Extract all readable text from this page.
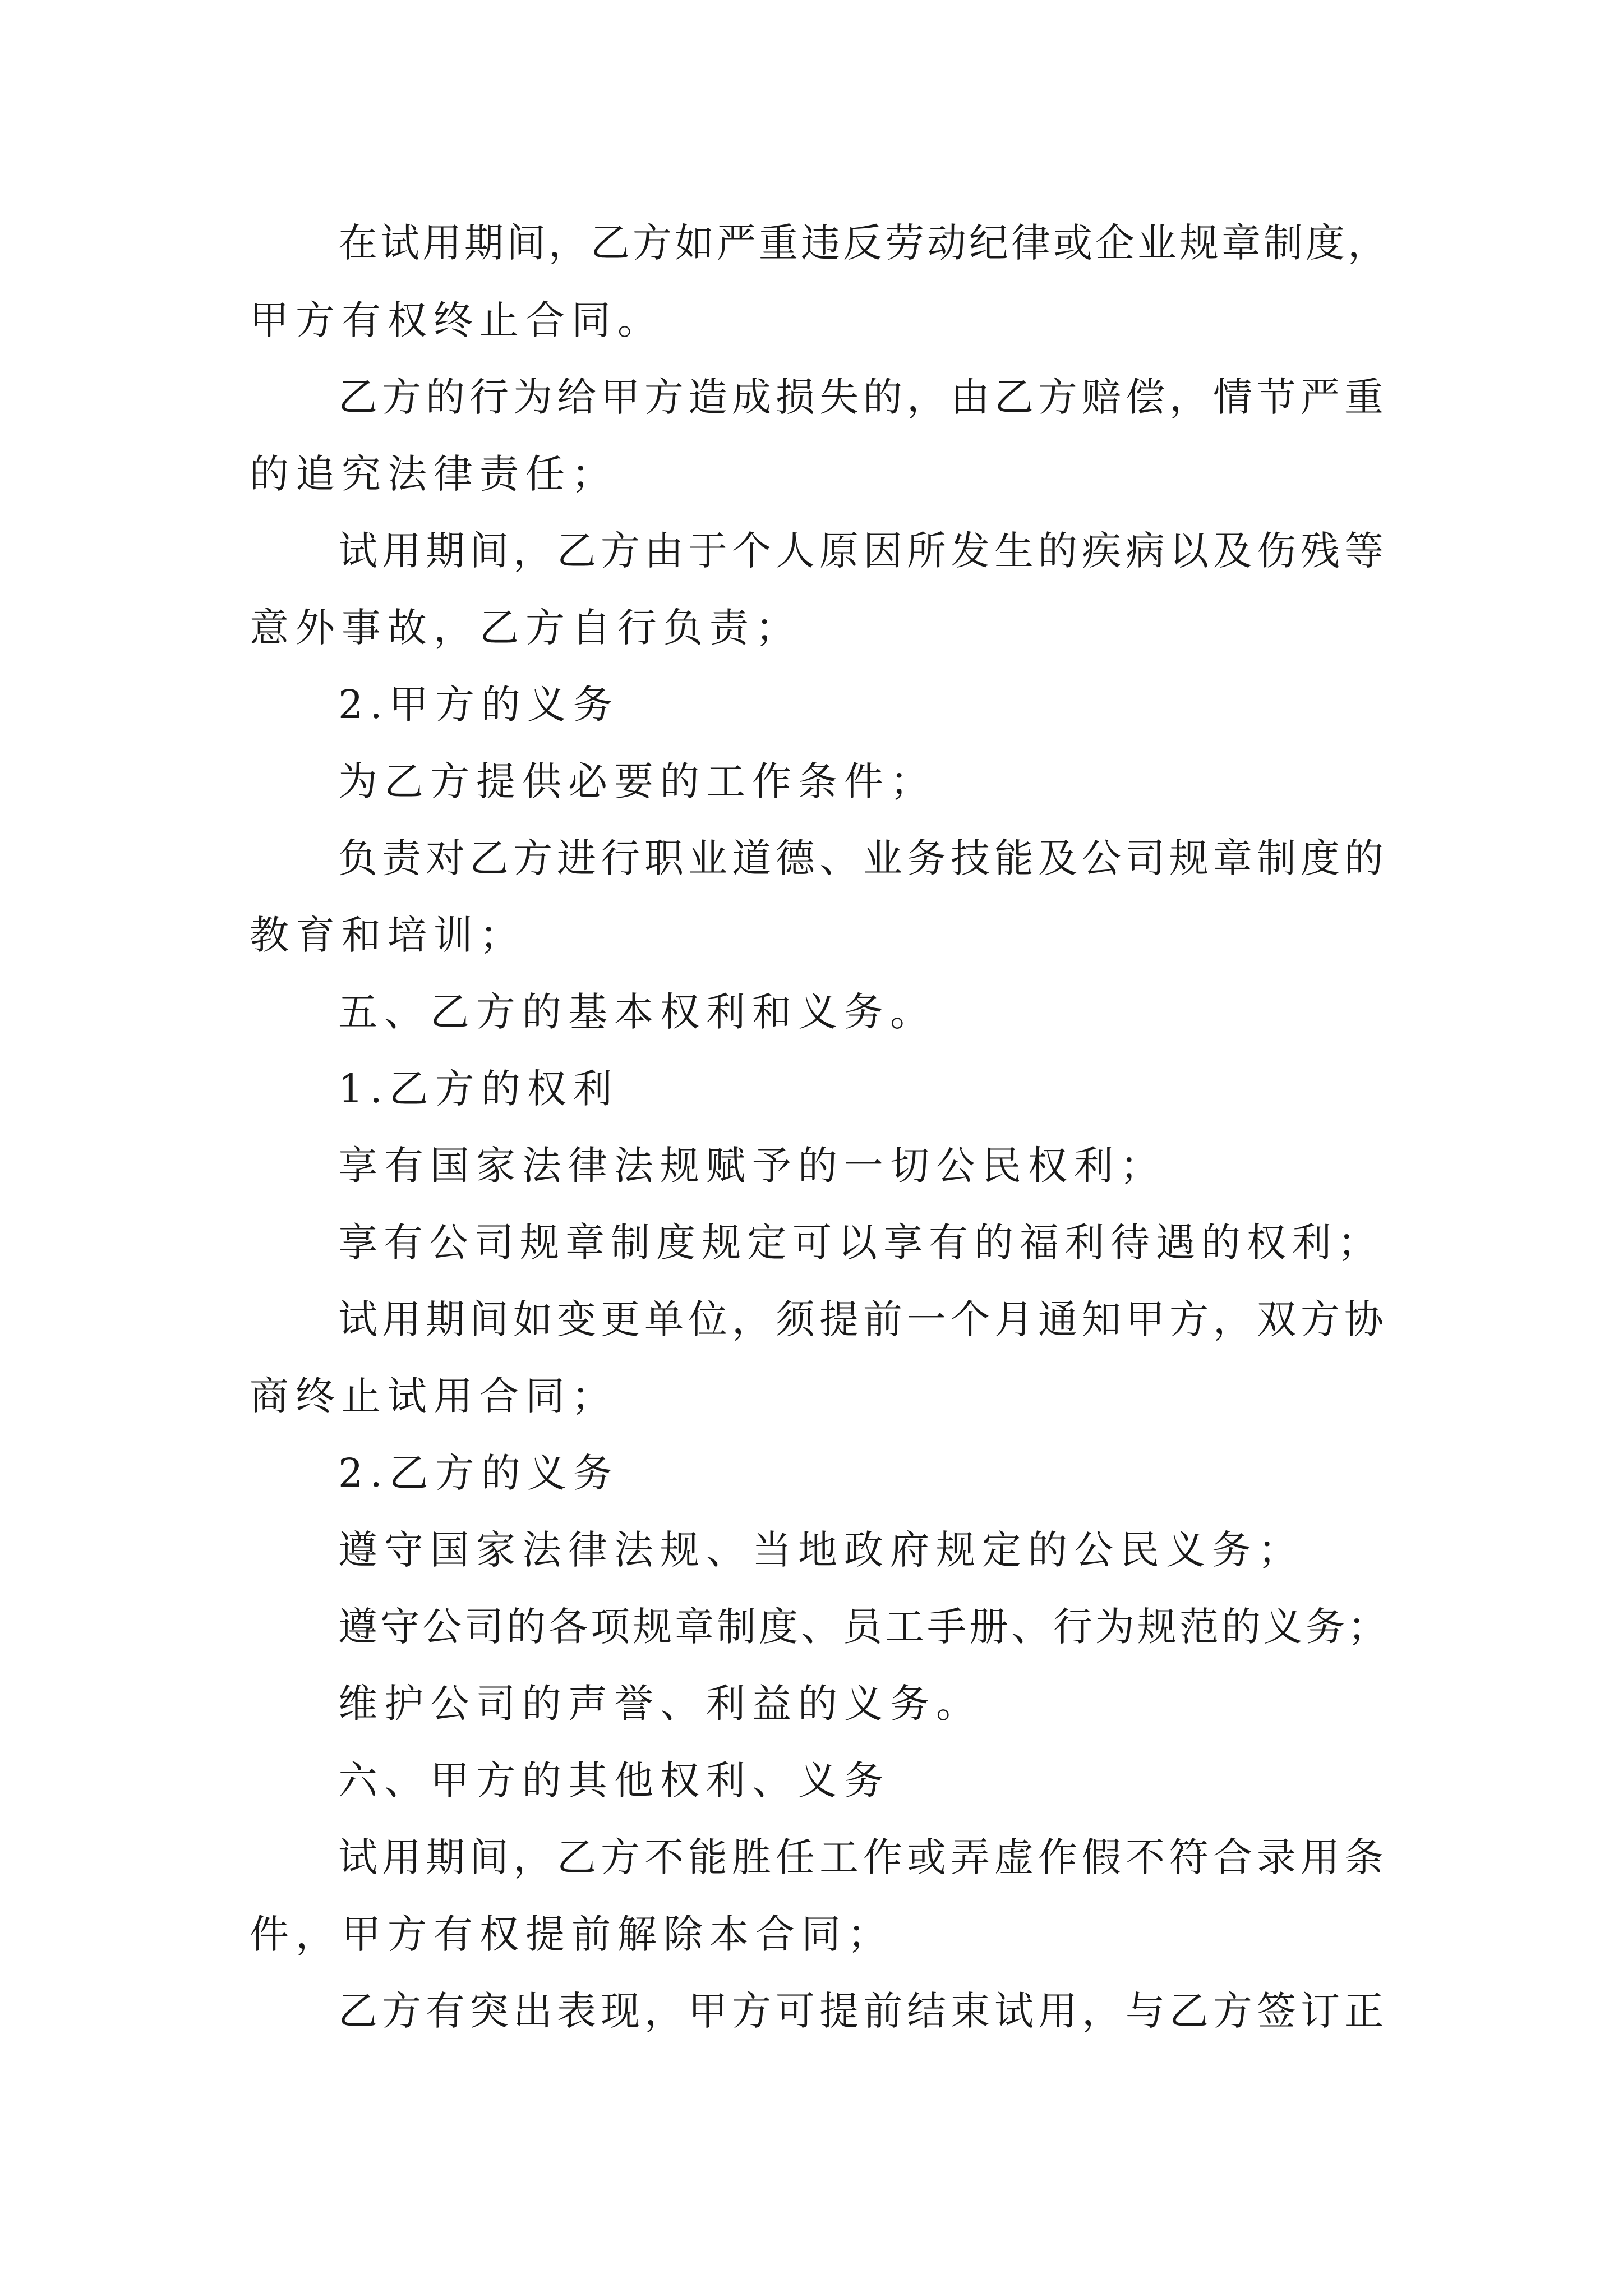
在试用期间，乙方如严重违反劳动纪律或企业规章制度，

甲方有权终止合同。

乙方的行为给甲方造成损失的，由乙方赔偿，情节严重

的追究法律责任；

试用期间，乙方由于个人原因所发生的疾病以及伤残等

意外事故，乙方自行负责；

2.甲方的义务

为乙方提供必要的工作条件；

负责对乙方进行职业道德、业务技能及公司规章制度的

教育和培训；

五、乙方的基本权利和义务。

1.乙方的权利

享有国家法律法规赋予的一切公民权利；

享有公司规章制度规定可以享有的福利待遇的权利；

试用期间如变更单位，须提前一个月通知甲方，双方协

商终止试用合同；

2.乙方的义务

遵守国家法律法规、当地政府规定的公民义务；

遵守公司的各项规章制度、员工手册、行为规范的义务；

维护公司的声誉、利益的义务。

六、甲方的其他权利、义务

试用期间，乙方不能胜任工作或弄虚作假不符合录用条

件，甲方有权提前解除本合同；

乙方有突出表现，甲方可提前结束试用，与乙方签订正
